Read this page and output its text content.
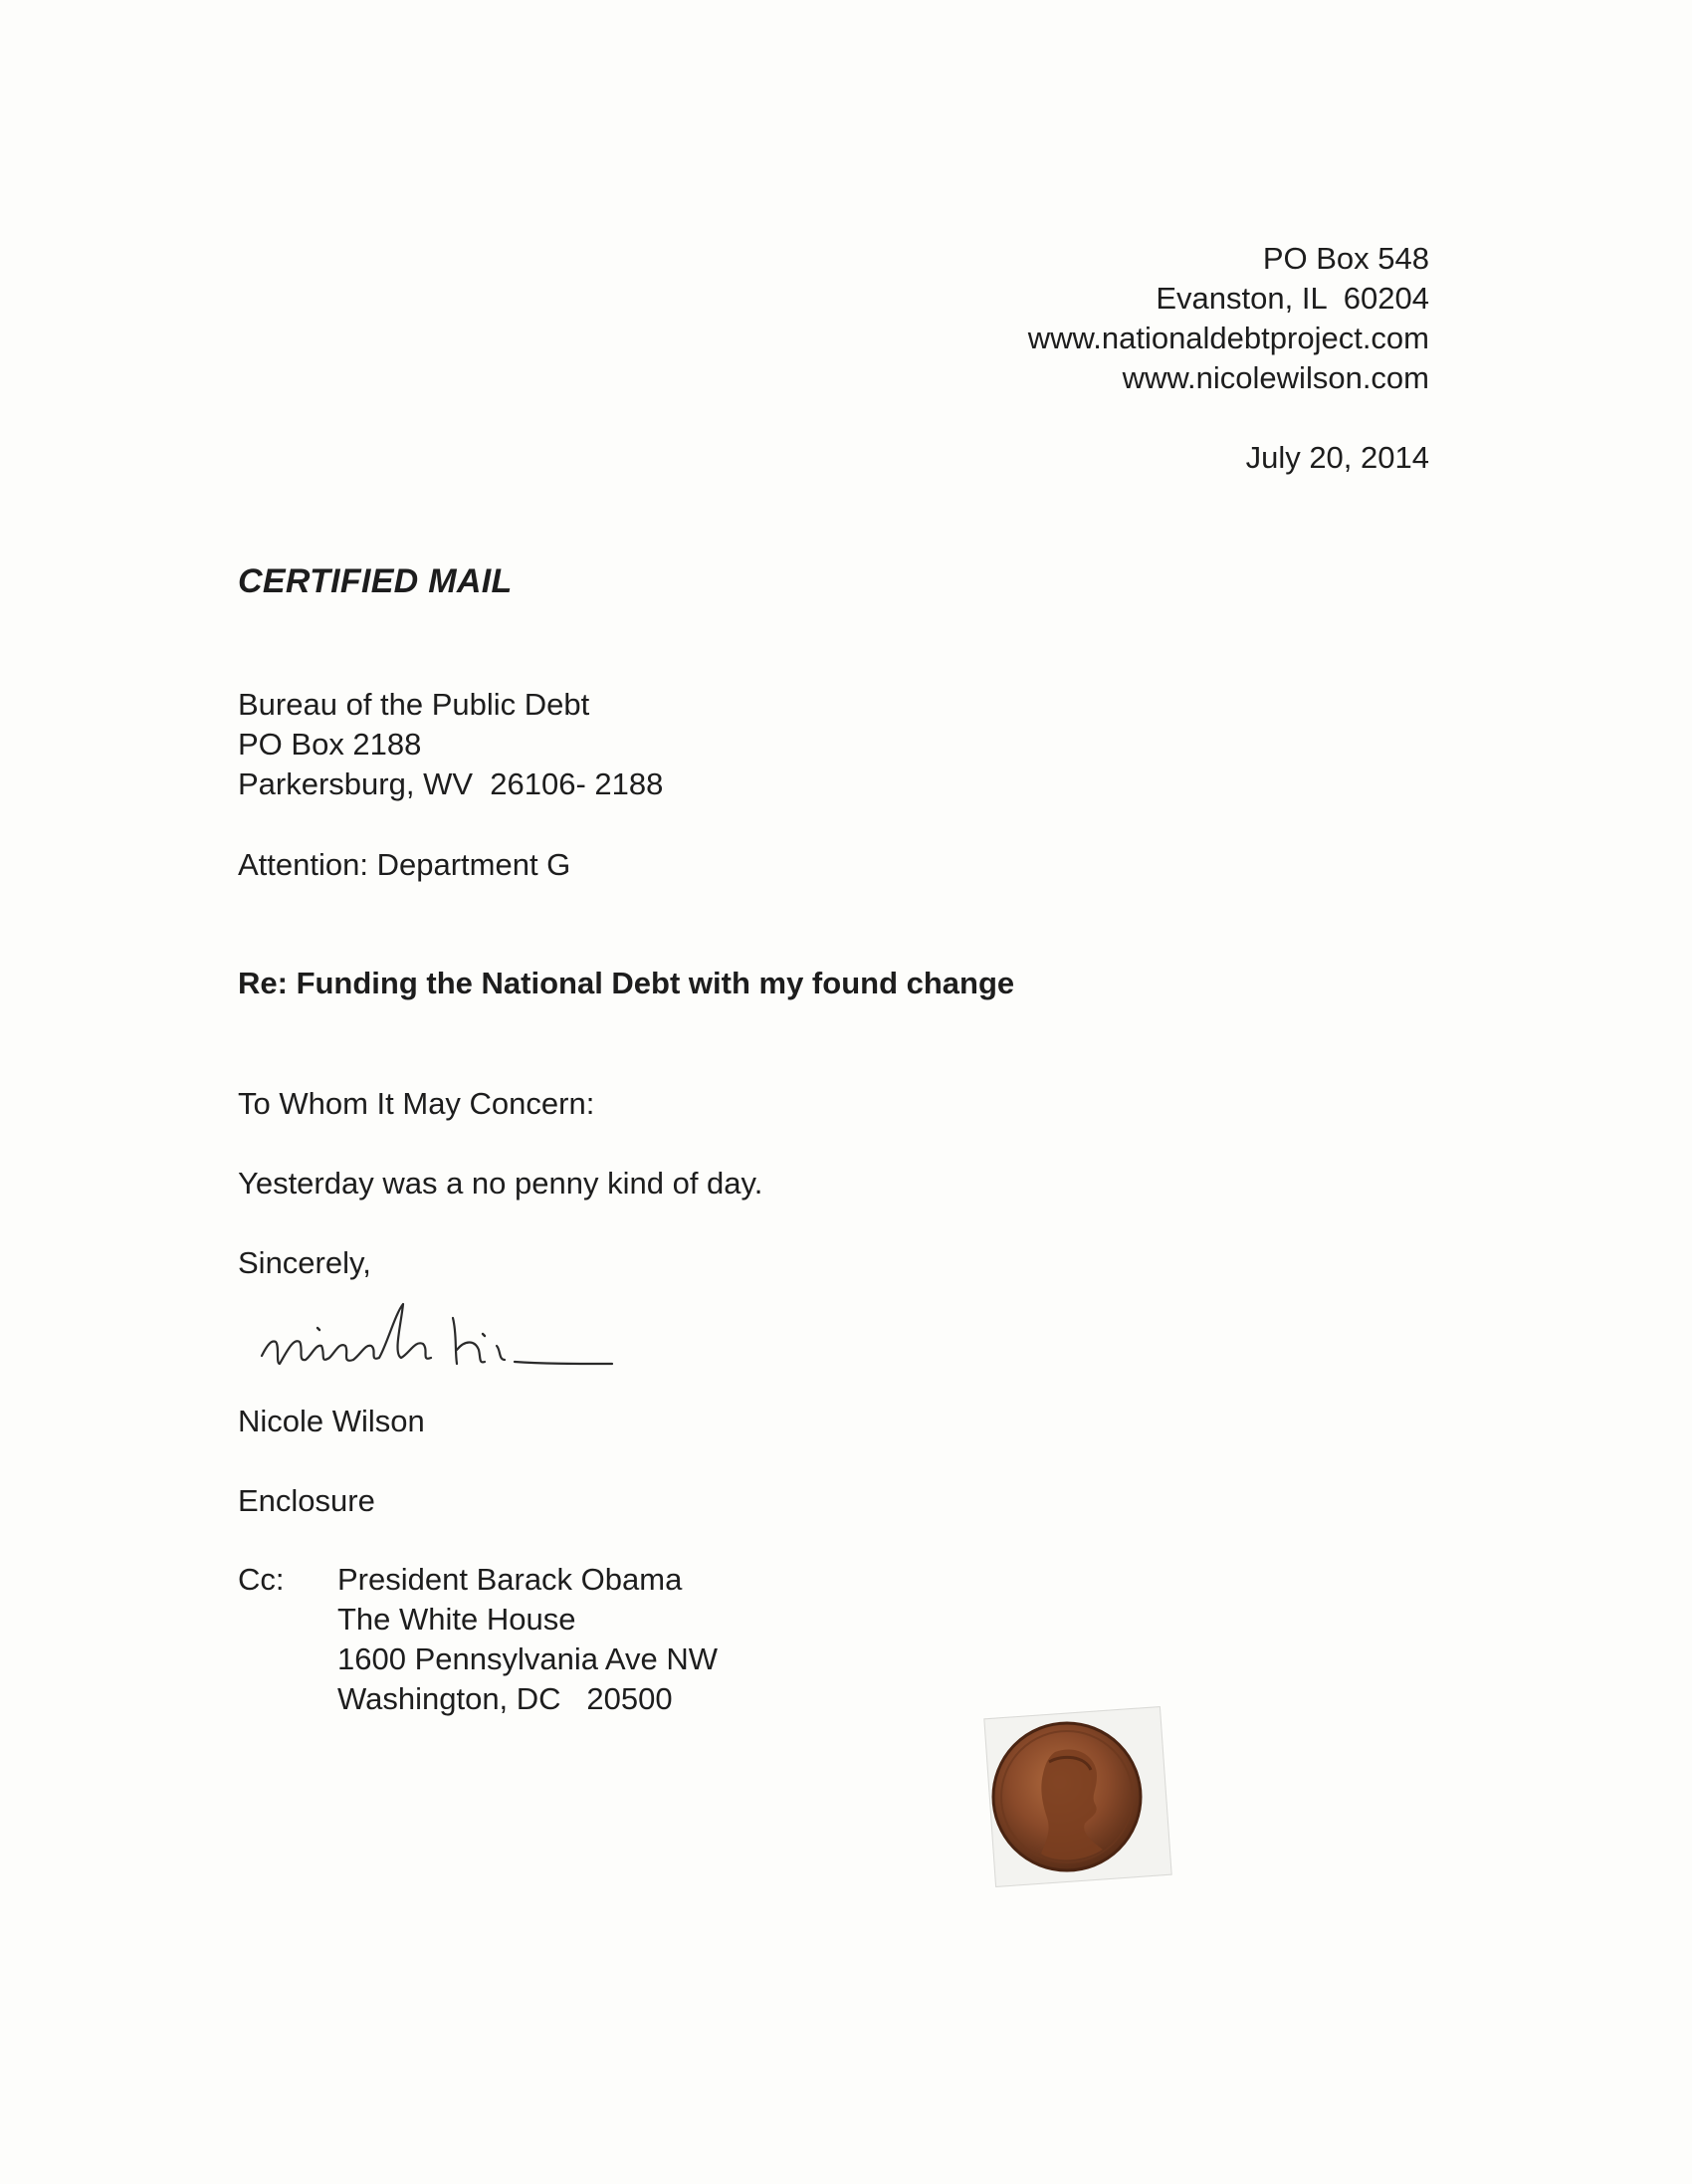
PO Box 548
Evanston, IL  60204
www.nationaldebtproject.com
www.nicolewilson.com
July 20, 2014
CERTIFIED MAIL
Bureau of the Public Debt
PO Box 2188
Parkersburg, WV  26106- 2188
Attention: Department G
Re: Funding the National Debt with my found change
To Whom It May Concern:
Yesterday was a no penny kind of day.
Sincerely,
Nicole Wilson
Enclosure
Cc: President Barack Obama
The White House
1600 Pennsylvania Ave NW
Washington, DC   20500
